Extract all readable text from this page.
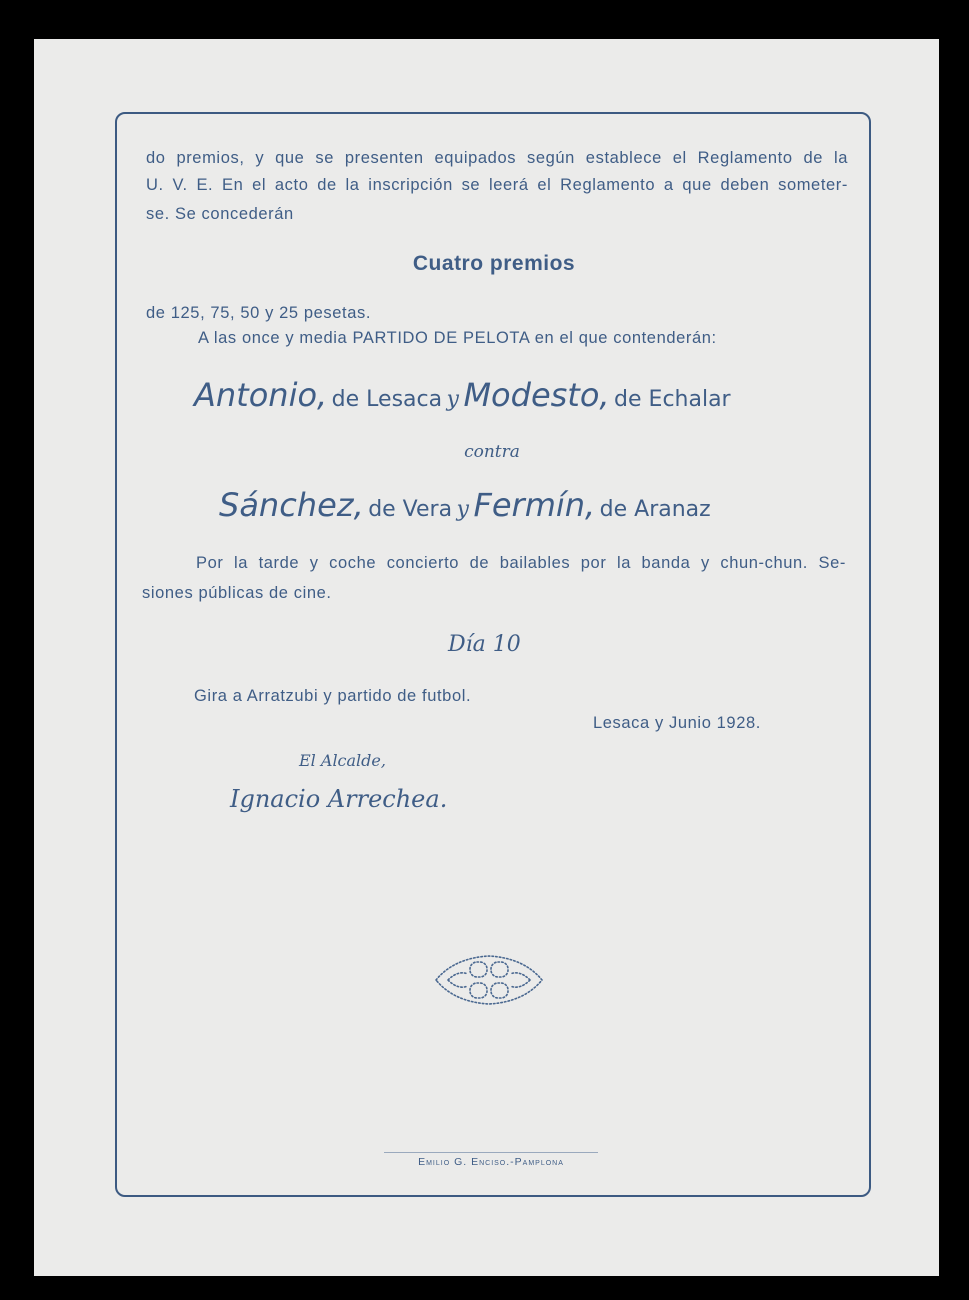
do premios, y que se presenten equipados según establece el Reglamento de la
U. V. E. En el acto de la inscripción se leerá el Reglamento a que deben someter-
se. Se concederán
Cuatro premios
de 125, 75, 50 y 25 pesetas.
A las once y media PARTIDO DE PELOTA en el que contenderán:
Antonio, de Lesaca y Modesto, de Echalar
contra
Sánchez, de Vera y Fermín, de Aranaz
Por la tarde y coche concierto de bailables por la banda y chun-chun. Se-
siones públicas de cine.
Día 10
Gira a Arratzubi y partido de futbol.
Lesaca y Junio 1928.
El Alcalde,
Ignacio Arrechea.
Emilio G. Enciso.-Pamplona
